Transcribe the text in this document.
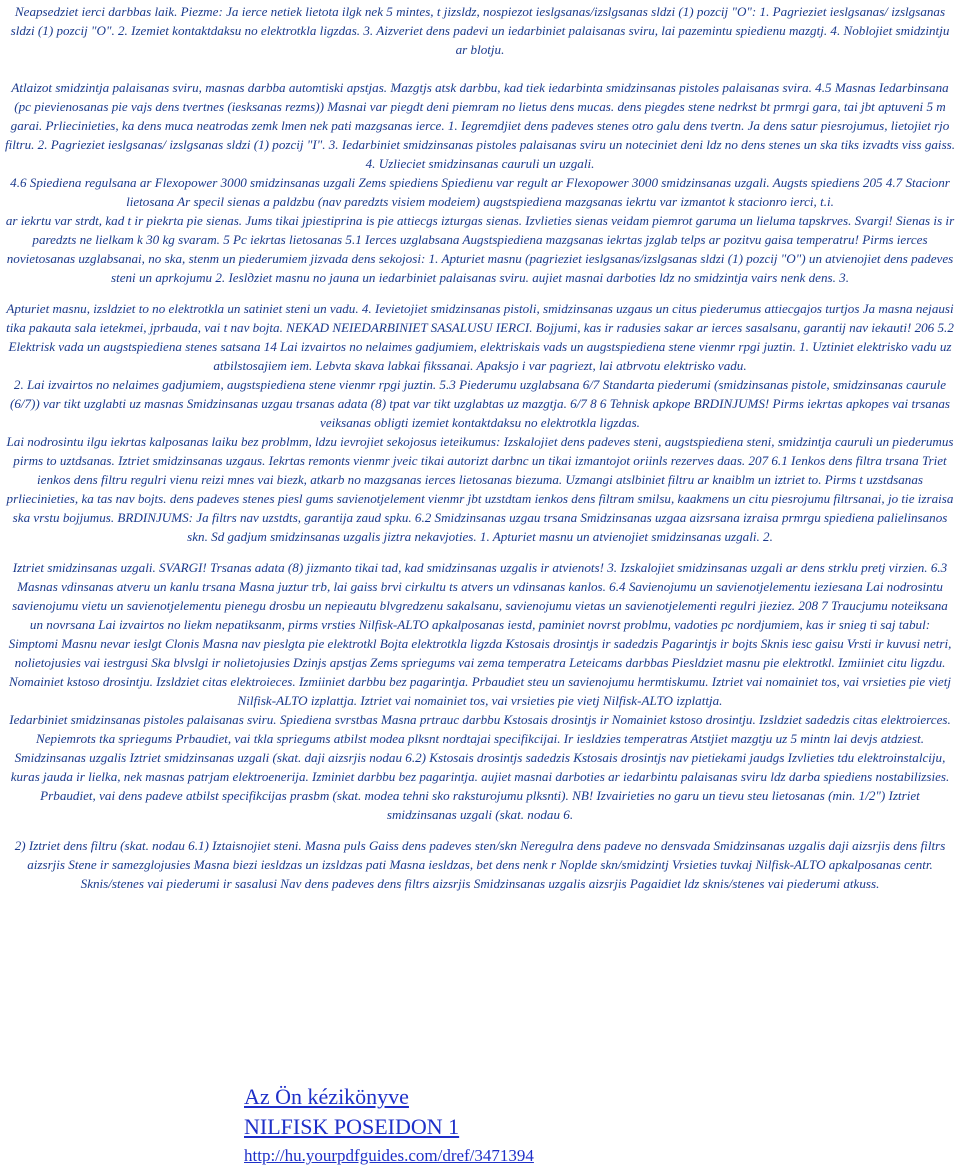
Neapsedziet ierci darbbas laik. Piezme: Ja ierce netiek lietota ilgk nek 5 mintes, t jizsldz, nospiezot ieslgsanas/izslgsanas sldzi (1) pozcij "O": 1. Pagrieziet ieslgsanas/ izslgsanas sldzi (1) pozcij "O". 2. Izemiet kontaktdaksu no elektrotkla ligzdas. 3. Aizveriet dens padevi un iedarbiniet palaisanas sviru, lai pazemintu spiedienu mazgtj. 4. Noblojiet smidzintju ar blotju.

Atlaizot smidzintja palaisanas sviru, masnas darbba automtiski apstjas. Mazgtjs atsk darbbu, kad tiek iedarbinta smidzinsanas pistoles palaisanas svira. 4.5 Masnas Iedarbinsana (pc pievienosanas pie vajs dens tvertnes (iesksanas rezms)) Masnai var piegdt deni piemram no lietus dens mucas. dens piegdes stene nedrkst bt prmrgi gara, tai jbt aptuveni 5 m garai. Prliecinieties, ka dens muca neatrodas zemk lmen nek pati mazgsanas ierce. 1. Iegremdjiet dens padeves stenes otro galu dens tvertn. Ja dens satur piesrojumus, lietojiet rjo filtru. 2. Pagrieziet ieslgsanas/ izslgsanas sldzi (1) pozcij "I". 3. Iedarbiniet smidzinsanas pistoles palaisanas sviru un noteciniet deni ldz no dens stenes un ska tiks izvadts viss gaiss. 4. Uzlieciet smidzinsanas cauruli un uzgali.

4.6 Spiediena regulsana ar Flexopower 3000 smidzinsanas uzgali Zems spiediens Spiedienu var regult ar Flexopower 3000 smidzinsanas uzgali. Augsts spiediens 205 4.7 Stacionr lietosana Ar specil sienas a paldzbu (nav paredzts visiem modeiem) augstspiediena mazgsanas iekrtu var izmantot k stacionro ierci, t.i.

ar iekrtu var strdt, kad t ir piekrta pie sienas. Jums tikai jpiestiprina is pie attiecgs izturgas sienas. Izvlieties sienas veidam piemrot garuma un lieluma tapskrves. Svargi! Sienas is ir paredzts ne lielkam k 30 kg svaram. 5 Pc iekrtas lietosanas 5.1 Ierces uzglabsana Augstspiediena mazgsanas iekrtas jzglab telps ar pozitvu gaisa temperatru! Pirms ierces novietosanas uzglabsanai, no ska, stenm un piederumiem jizvada dens sekojosi: 1. Apturiet masnu (pagrieziet ieslgsanas/izslgsanas sldzi (1) pozcij "O") un atvienojiet dens padeves steni un aprkojumu 2. Ieslдziet masnu no jauna un iedarbiniet palaisanas sviru. aujiet masnai darboties ldz no smidzintja vairs nenk dens. 3.

Apturiet masnu, izsldziet to no elektrotkla un satiniet steni un vadu. 4. Ievietojiet smidzinsanas pistoli, smidzinsanas uzgaus un citus piederumus attiecgajos turtjos Ja masna nejausi tika pakauta sala ietekmei, jprbauda, vai t nav bojta. NEKAD NEIEDARBINIET SASALUSU IERCI. Bojjumi, kas ir radusies sakar ar ierces sasalsanu, garantij nav iekauti! 206 5.2 Elektrisk vada un augstspiediena stenes satsana 14 Lai izvairtos no nelaimes gadjumiem, elektriskais vads un augstspiediena stene vienmr rpgi juztin. 1. Uztiniet elektrisko vadu uz atbilstosajiem iem. Lebvta skava labkai fikssanai. Apaksjo i var pagriezt, lai atbrvotu elektrisko vadu.

2. Lai izvairtos no nelaimes gadjumiem, augstspiediena stene vienmr rpgi juztin. 5.3 Piederumu uzglabsana 6/7 Standarta piederumi (smidzinsanas pistole, smidzinsanas caurule (6/7)) var tikt uzglabti uz masnas Smidzinsanas uzgau trsanas adata (8) tpat var tikt uzglabtas uz mazgtja. 6/7 8 6 Tehnisk apkope BRDINJUMS! Pirms iekrtas apkopes vai trsanas veiksanas obligti izemiet kontaktdaksu no elektrotkla ligzdas.

Lai nodrosintu ilgu iekrtas kalposanas laiku bez problmm, ldzu ievrojiet sekojosus ieteikumus: Izskalojiet dens padeves steni, augstspiediena steni, smidzintja cauruli un piederumus pirms to uztdsanas. Iztriet smidzinsanas uzgaus. Iekrtas remonts vienmr jveic tikai autorizt darbnc un tikai izmantojot oriinls rezerves daas. 207 6.1 Ienkos dens filtra trsana Triet ienkos dens filtru regulri vienu reizi mnes vai biezk, atkarb no mazgsanas ierces lietosanas biezuma. Uzmangi atslbiniet filtru ar knaiblm un iztriet to. Pirms t uzstdsanas prliecinieties, ka tas nav bojts. dens padeves stenes piesl gums savienotjelement vienmr jbt uzstdtam ienkos dens filtram smilsu, kaakmens un citu piesrojumu filtrsanai, jo tie izraisa ska vrstu bojjumus. BRDINJUMS: Ja filtrs nav uzstdts, garantija zaud spku. 6.2 Smidzinsanas uzgau trsana Smidzinsanas uzgaa aizsrsana izraisa prmrgu spiediena palielinsanos skn. Sd gadjum smidzinsanas uzgalis jiztra nekavjoties. 1. Apturiet masnu un atvienojiet smidzinsanas uzgali. 2.

Iztriet smidzinsanas uzgali. SVARGI! Trsanas adata (8) jizmanto tikai tad, kad smidzinsanas uzgalis ir atvienots! 3. Izskalojiet smidzinsanas uzgali ar dens strklu pretj virzien. 6.3 Masnas vdinsanas atveru un kanlu trsana Masna juztur trb, lai gaiss brvi cirkultu ts atvers un vdinsanas kanlos. 6.4 Savienojumu un savienotjelementu ieziesana Lai nodrosintu savienojumu vietu un savienotjelementu pienegu drosbu un nepieautu blvgredzenu sakalsanu, savienojumu vietas un savienotjelementi regulri jieziez. 208 7 Traucjumu noteiksana un novrsana Lai izvairtos no liekm nepatiksanm, pirms vrsties Nilfisk-ALTO apkalposanas iestd, paminiet novrst problmu, vadoties pc nordjumiem, kas ir snieg ti saj tabul: Simptomi Masnu nevar ieslgt Clonis Masna nav pieslgta pie elektrotkl Bojta elektrotkla ligzda Kstosais drosintjs ir sadedzis Pagarintjs ir bojts Sknis iesc gaisu Vrsti ir kuvusi netri, nolietojusies vai iestrgusi Ska blvslgi ir nolietojusies Dzinjs apstjas Zems spriegums vai zema temperatra Leteicams darbbas Piesldziet masnu pie elektrotkl. Izmiiniet citu ligzdu. Nomainiet kstoso drosintju. Izsldziet citas elektroieces. Izmiiniet darbbu bez pagarintja. Prbaudiet steu un savienojumu hermtiskumu. Iztriet vai nomainiet tos, vai vrsieties pie vietj Nilfisk-ALTO izplattja. Iztriet vai nomainiet tos, vai vrsieties pie vietj Nilfisk-ALTO izplattja.

Iedarbiniet smidzinsanas pistoles palaisanas sviru. Spiediena svrstbas Masna prtrauc darbbu Kstosais drosintjs ir Nomainiet kstoso drosintju. Izsldziet sadedzis citas elektroierces. Nepiemrots tka spriegums Prbaudiet, vai tkla spriegums atbilst modea plksnt nordtajai specifikcijai. Ir iesldzies temperatras Atstjiet mazgtju uz 5 mintn lai devjs atdziest.

Smidzinsanas uzgalis Iztriet smidzinsanas uzgali (skat. daji aizsrjis nodau 6.2) Kstosais drosintjs sadedzis Kstosais drosintjs nav pietiekami jaudgs Izvlieties tdu elektroinstalciju, kuras jauda ir lielka, nek masnas patrjam elektroenerija. Izminiet darbbu bez pagarintja. aujiet masnai darboties ar iedarbintu palaisanas sviru ldz darba spiediens nostabilizsies. Prbaudiet, vai dens padeve atbilst specifikcijas prasbm (skat. modea tehni sko raksturojumu plksnti). NB! Izvairieties no garu un tievu steu lietosanas (min. 1/2") Iztriet smidzinsanas uzgali (skat. nodau 6.

2) Iztriet dens filtru (skat. nodau 6.1) Iztaisnojiet steni. Masna puls Gaiss dens padeves sten/skn Neregulra dens padeve no densvada Smidzinsanas uzgalis daji aizsrjis dens filtrs aizsrjis Stene ir samezglojusies Masna biezi iesldzas un izsldzas pati Masna iesldzas, bet dens nenk r Noplde skn/smidzintj Vrsieties tuvkaj Nilfisk-ALTO apkalposanas centr. Sknis/stenes vai piederumi ir sasalusi Nav dens padeves dens filtrs aizsrjis Smidzinsanas uzgalis aizsrjis Pagaidiet ldz sknis/stenes vai piederumi atkuss.

Az Ön kézikönyve
NILFISK POSEIDON 1
http://hu.yourpdfguides.com/dref/3471394
